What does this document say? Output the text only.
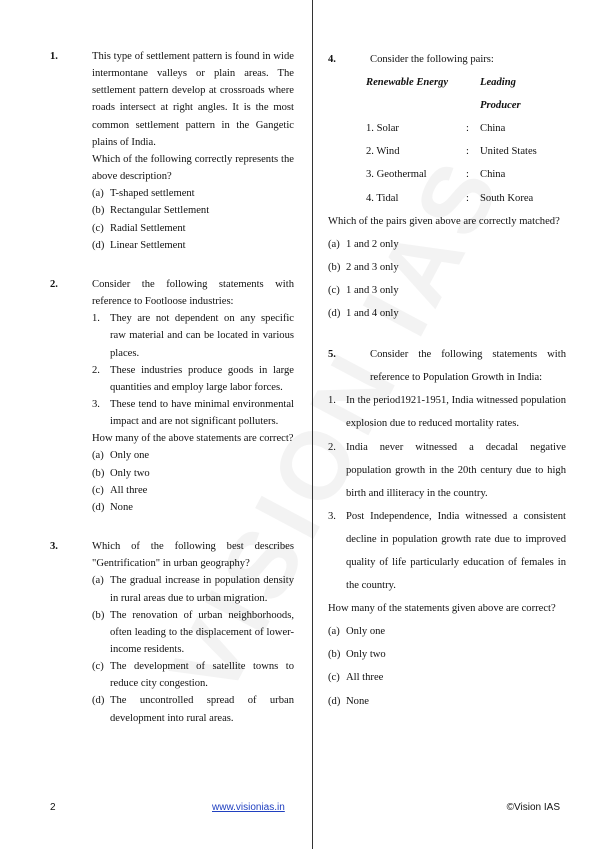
1.	This type of settlement pattern is found in wide intermontane valleys or plain areas. The settlement pattern develop at crossroads where roads intersect at right angles. It is the most common settlement pattern in the Gangetic plains of India.
Which of the following correctly represents the above description?
(a) T-shaped settlement
(b) Rectangular Settlement
(c) Radial Settlement
(d) Linear Settlement
2.	Consider the following statements with reference to Footloose industries:
1. They are not dependent on any specific raw material and can be located in various places.
2. These industries produce goods in large quantities and employ large labor forces.
3. These tend to have minimal environmental impact and are not significant polluters.
How many of the above statements are correct?
(a) Only one
(b) Only two
(c) All three
(d) None
3.	Which of the following best describes "Gentrification" in urban geography?
(a) The gradual increase in population density in rural areas due to urban migration.
(b) The renovation of urban neighborhoods, often leading to the displacement of lower-income residents.
(c) The development of satellite towns to reduce city congestion.
(d) The uncontrolled spread of urban development into rural areas.
4.	Consider the following pairs:
Renewable Energy	Leading Producer
1. Solar	:	China
2. Wind	:	United States
3. Geothermal	:	China
4. Tidal	:	South Korea
Which of the pairs given above are correctly matched?
(a) 1 and 2 only
(b) 2 and 3 only
(c) 1 and 3 only
(d) 1 and 4 only
5.	Consider the following statements with reference to Population Growth in India:
1. In the period1921-1951, India witnessed population explosion due to reduced mortality rates.
2. India never witnessed a decadal negative population growth in the 20th century due to high birth and illiteracy in the country.
3. Post Independence, India witnessed a consistent decline in population growth rate due to improved quality of life particularly education of females in the country.
How many of the statements given above are correct?
(a) Only one
(b) Only two
(c) All three
(d) None
2	www.visionias.in	©Vision IAS
